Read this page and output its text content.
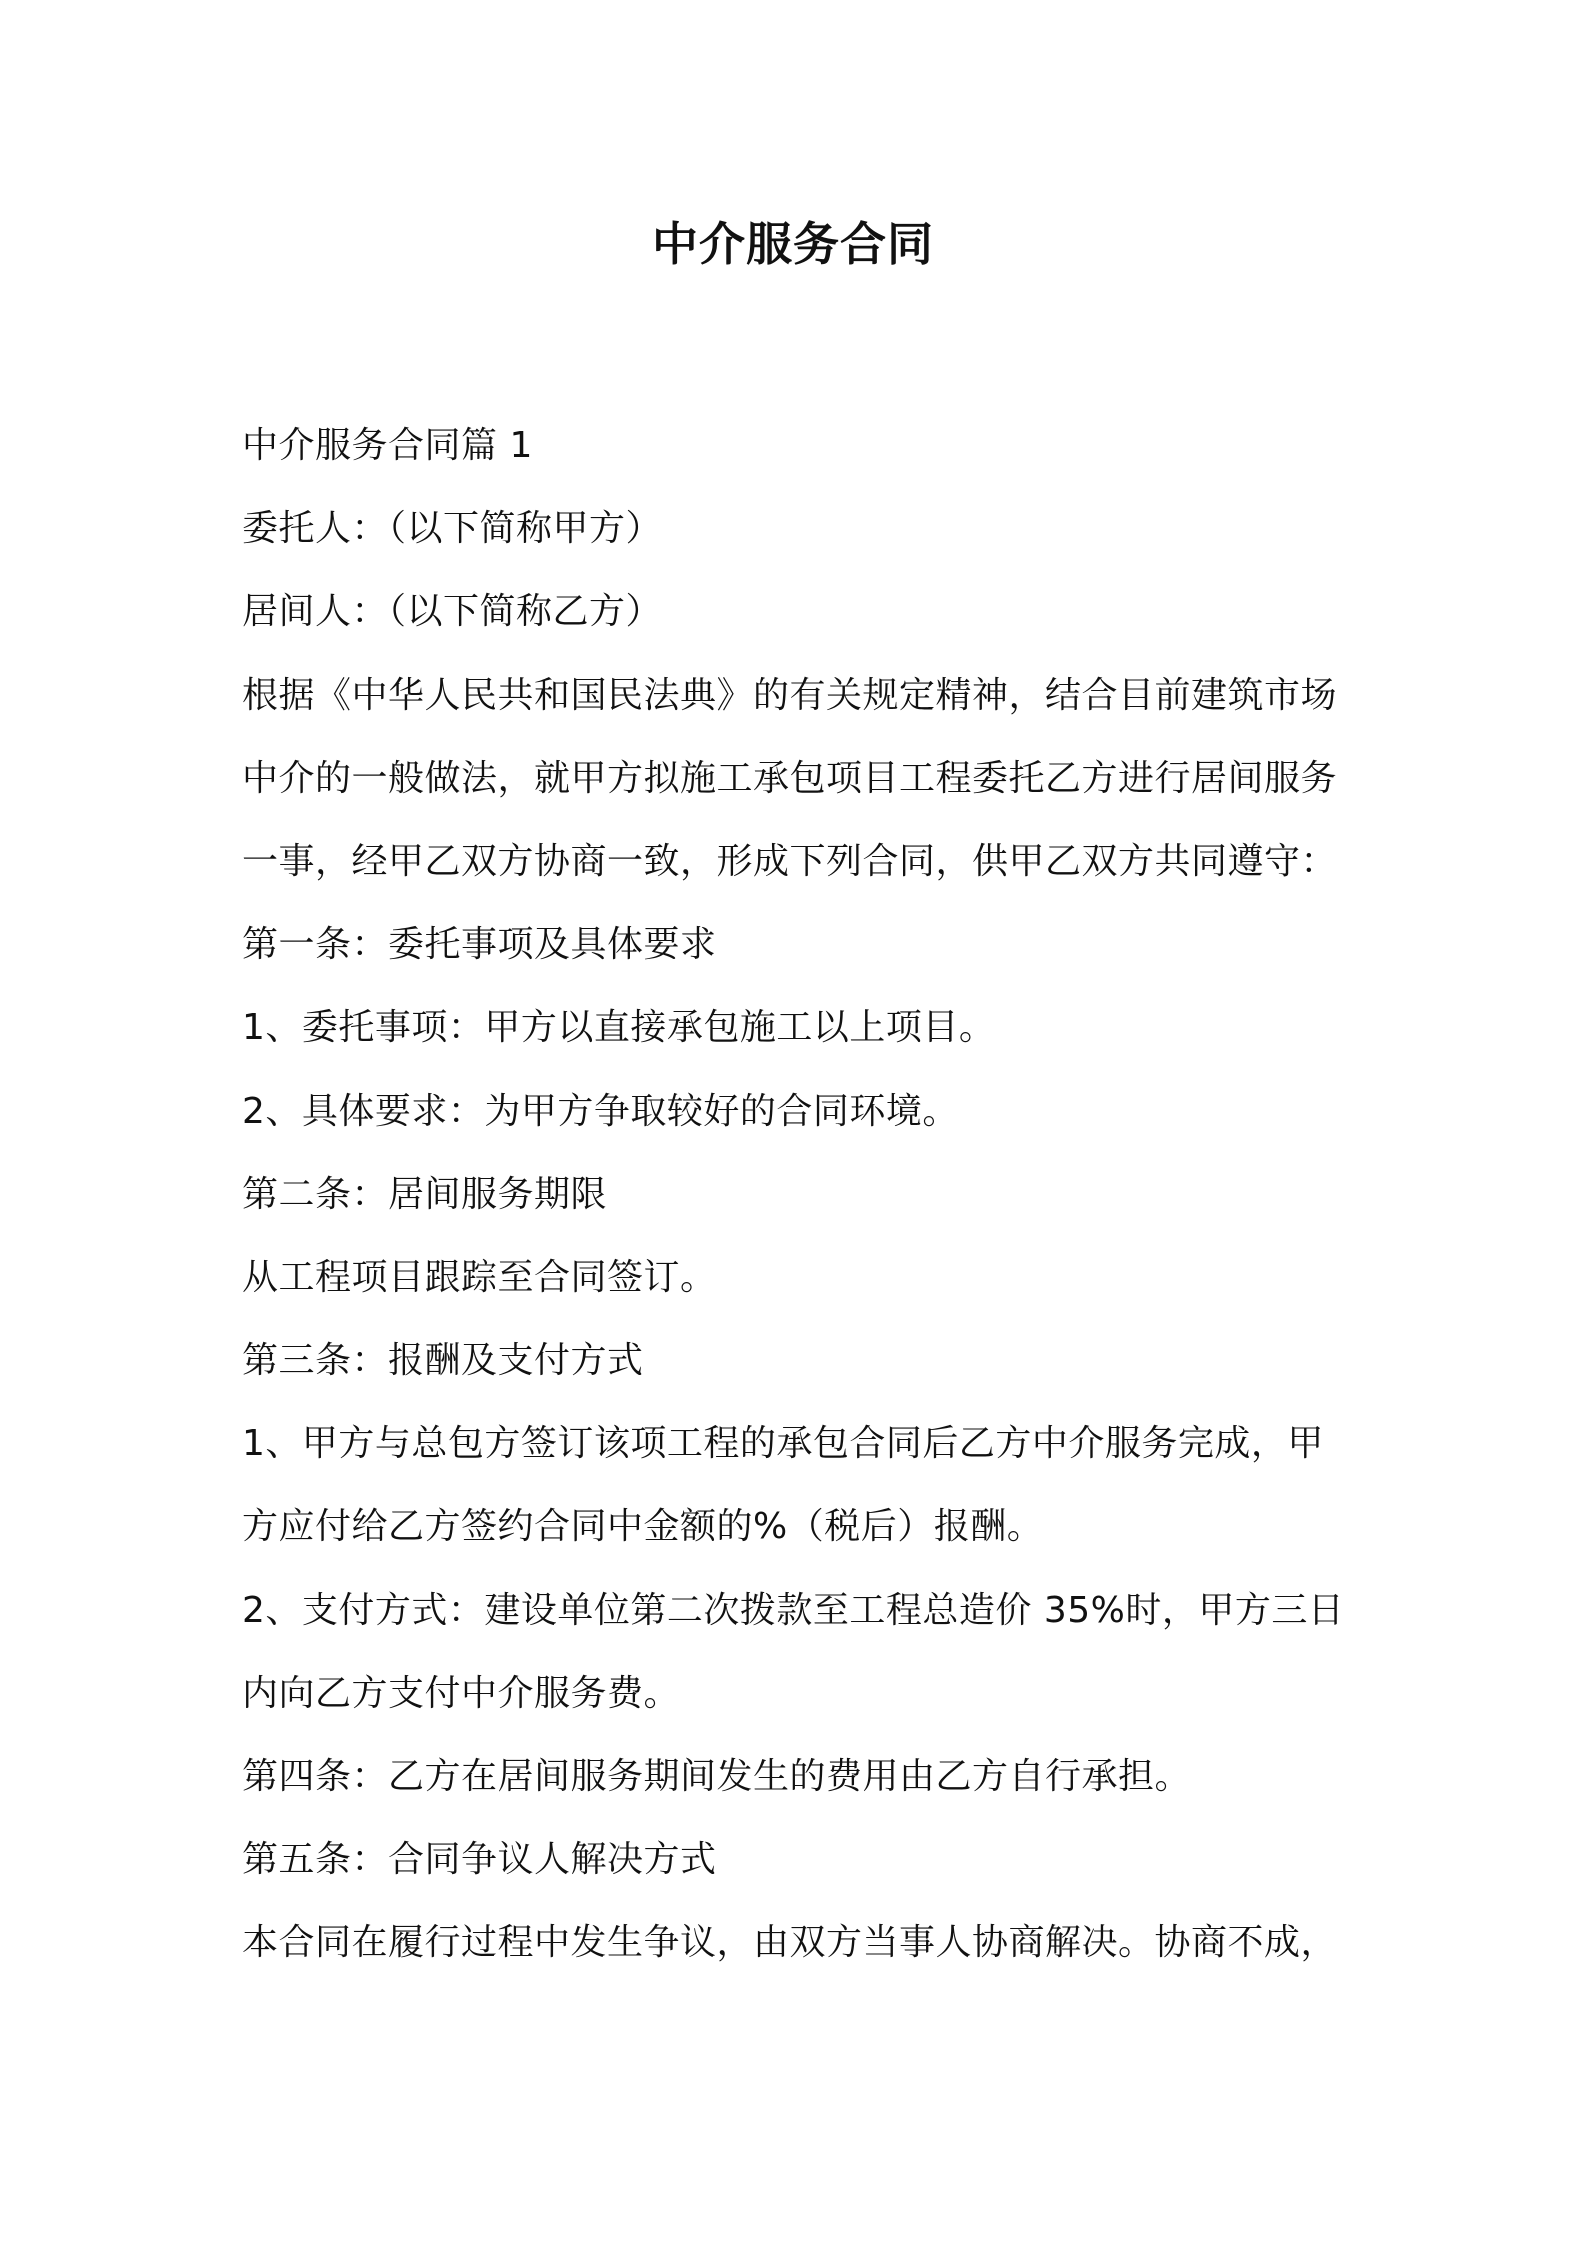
中介服务合同
中介服务合同篇 1
委托人：（以下简称甲方）
居间人：（以下简称乙方）
根据《中华人民共和国民法典》的有关规定精神，结合目前建筑市场
中介的一般做法，就甲方拟施工承包项目工程委托乙方进行居间服务
一事，经甲乙双方协商一致，形成下列合同，供甲乙双方共同遵守：
第一条：委托事项及具体要求
1、委托事项：甲方以直接承包施工以上项目。
2、具体要求：为甲方争取较好的合同环境。
第二条：居间服务期限
从工程项目跟踪至合同签订。
第三条：报酬及支付方式
1、甲方与总包方签订该项工程的承包合同后乙方中介服务完成，甲
方应付给乙方签约合同中金额的%（税后）报酬。
2、支付方式：建设单位第二次拨款至工程总造价 35%时，甲方三日
内向乙方支付中介服务费。
第四条：乙方在居间服务期间发生的费用由乙方自行承担。
第五条：合同争议人解决方式
本合同在履行过程中发生争议，由双方当事人协商解决。协商不成，
